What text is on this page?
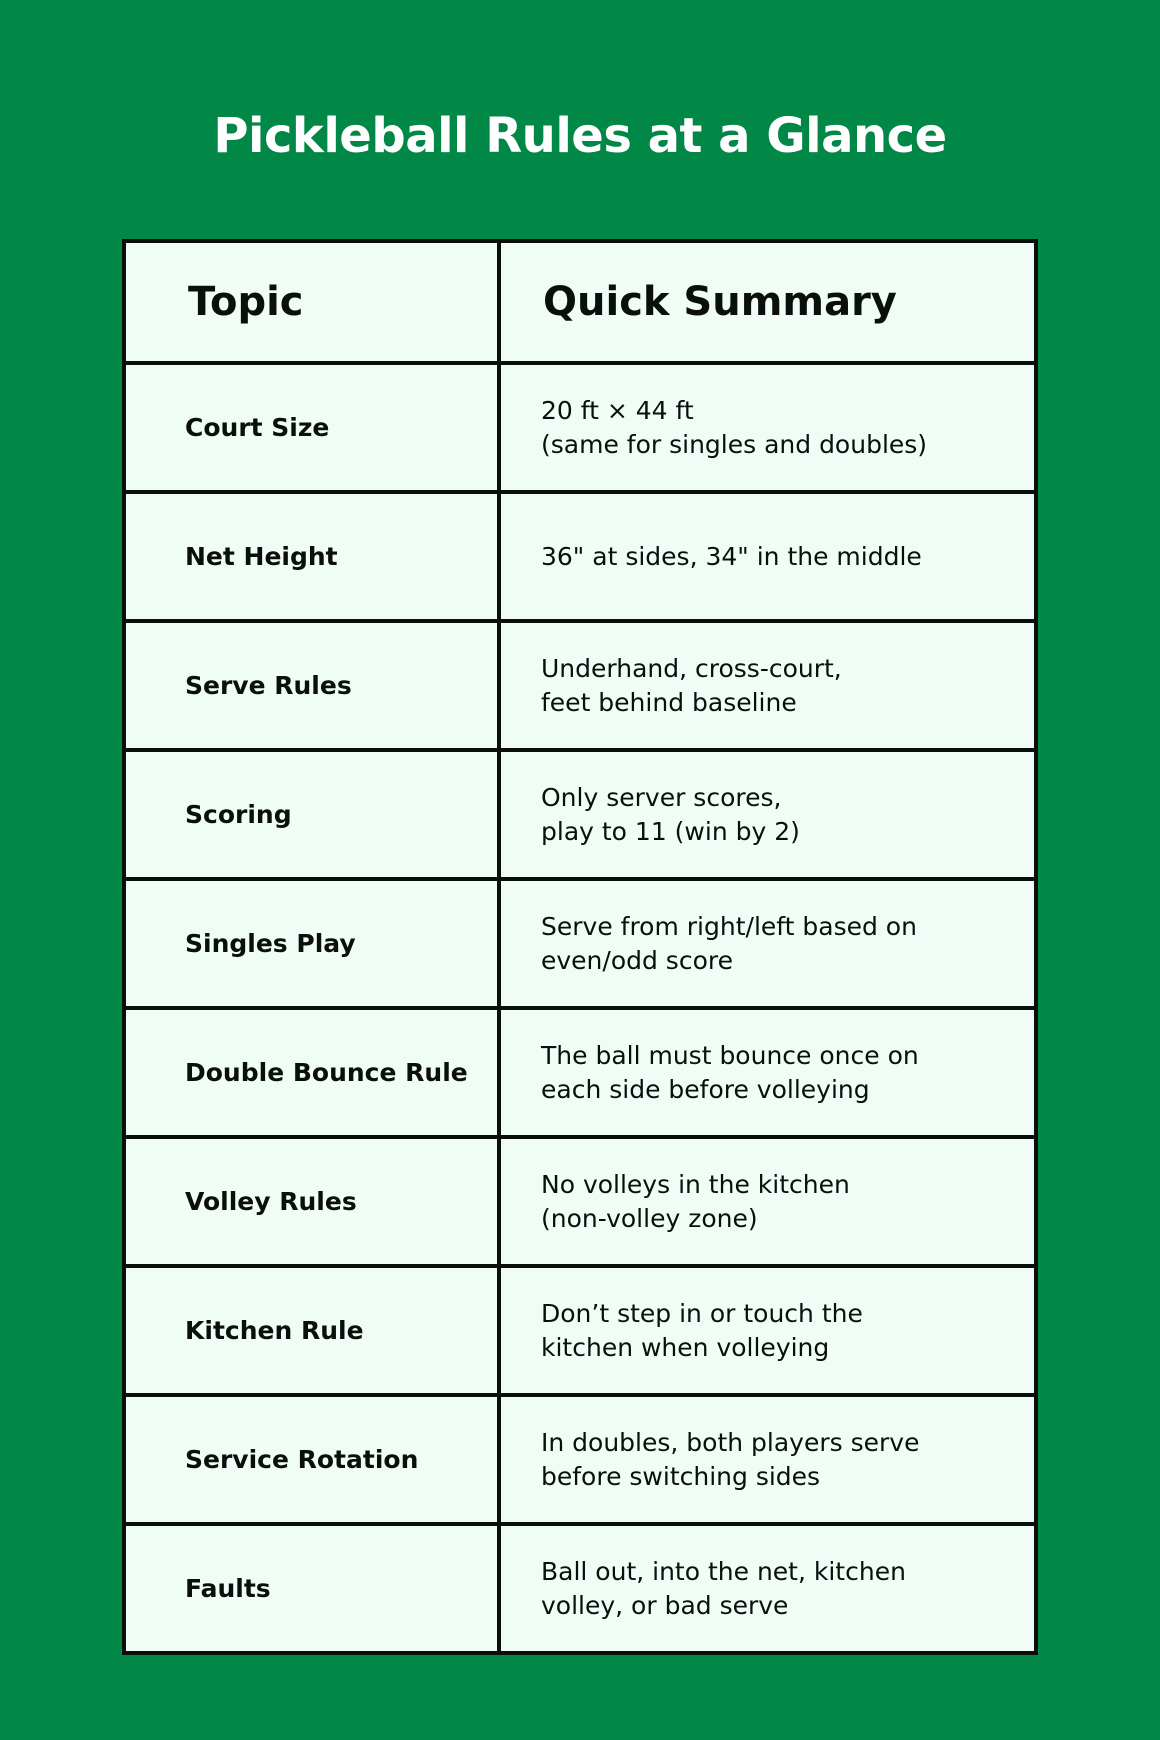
Pickleball Rules at a Glance
Topic	Quick Summary
Court Size	20 ft × 44 ft
(same for singles and doubles)
Net Height	36" at sides, 34" in the middle
Serve Rules	Underhand, cross-court,
feet behind baseline
Scoring	Only server scores,
play to 11 (win by 2)
Singles Play	Serve from right/left based on
even/odd score
Double Bounce Rule	The ball must bounce once on
each side before volleying
Volley Rules	No volleys in the kitchen
(non-volley zone)
Kitchen Rule	Don’t step in or touch the
kitchen when volleying
Service Rotation	In doubles, both players serve
before switching sides
Faults	Ball out, into the net, kitchen
volley, or bad serve
